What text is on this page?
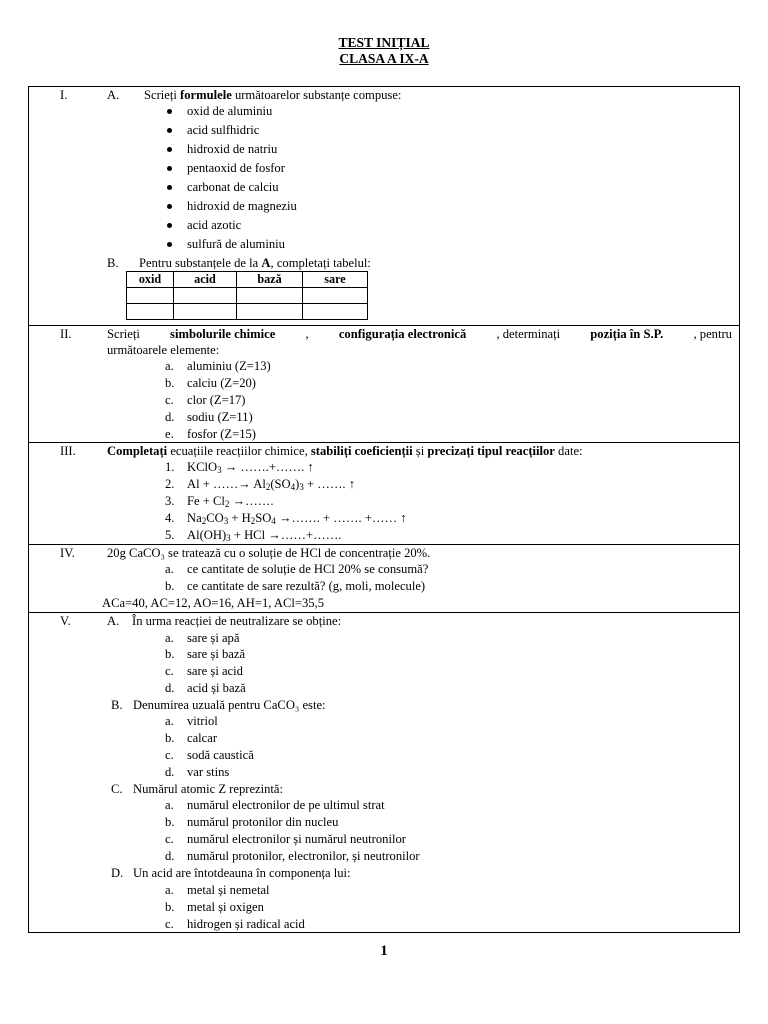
TEST INIȚIAL
CLASA A IX-A
I.	A. Scrieți formulele următoarelor substanțe compuse:
oxid de aluminiu
acid sulfhidric
hidroxid de natriu
pentaoxid de fosfor
carbonat de calciu
hidroxid de magneziu
acid azotic
sulfură de aluminiu
B. Pentru substanțele de la A, completați tabelul:
oxid	acid	bază	sare

II.	Scrieți simbolurile chimice , configurația electronică , determinați poziția în S.P. , pentru
următoarele elemente:
a. aluminiu (Z=13)
b. calciu (Z=20)
c. clor (Z=17)
d. sodiu (Z=11)
e. fosfor (Z=15)
III. Completați ecuațiile reacțiilor chimice, stabiliți coeficienții și precizați tipul reacțiilor date:
1. KClO$_3$ → …….+……. ↑
2. Al + ……→ $Al_2(SO_4)_3$ + ……. ↑
3. $Fe + Cl_2$ →…….
4. $Na_2CO_3 + H_2SO_4$ →……. + ……. +…… ↑
5. $Al(OH)_3$ + HCl →……+…….
IV.	20g CaCO₃ se tratează cu o soluție de HCl de concentrație 20%.
a. ce cantitate de soluție de HCl 20% se consumă?
b. ce cantitate de sare rezultă? (g, moli, molecule)
ACa=40, AC=12, AO=16, AH=1, ACl=35,5
V.	A. În urma reacției de neutralizare se obține:
a. sare și apă
b. sare și bază
c. sare și acid
d. acid și bază
B. Denumirea uzuală pentru CaCO₃ este:
a. vitriol
b. calcar
c. sodă caustică
d. var stins
C. Numărul atomic Z reprezintă:
a. numărul electronilor de pe ultimul strat
b. numărul protonilor din nucleu
c. numărul electronilor și numărul neutronilor
d. numărul protonilor, electronilor, și neutronilor
D. Un acid are întotdeauna în componența lui:
a. metal și nemetal
b. metal și oxigen
c. hidrogen și radical acid
1
